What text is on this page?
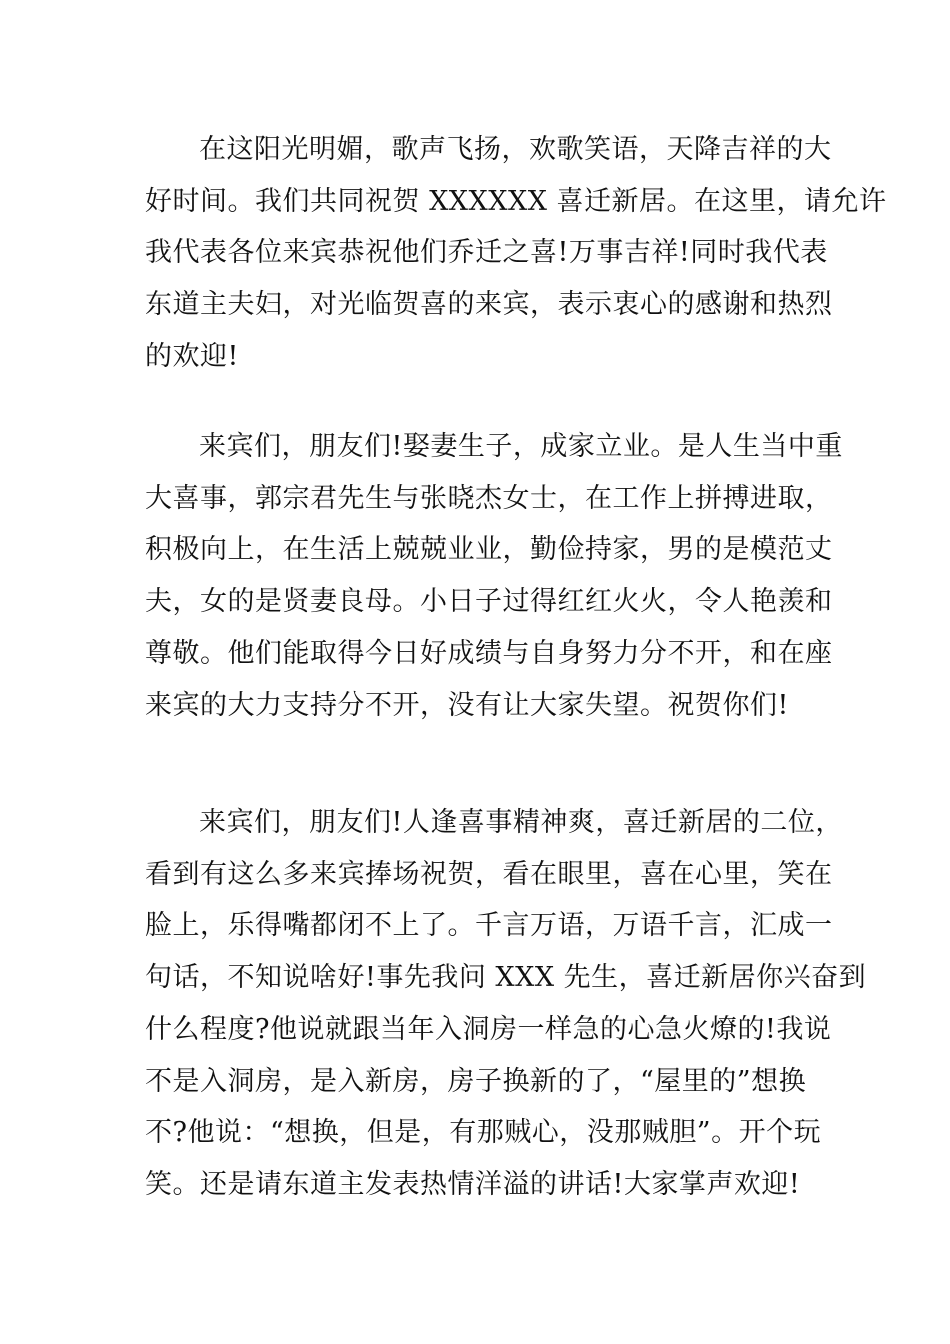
在这阳光明媚，歌声飞扬，欢歌笑语，天降吉祥的大
好时间。我们共同祝贺 XXXXXX 喜迁新居。在这里，请允许
我代表各位来宾恭祝他们乔迁之喜!万事吉祥!同时我代表
东道主夫妇，对光临贺喜的来宾，表示衷心的感谢和热烈
的欢迎!

来宾们，朋友们!娶妻生子，成家立业。是人生当中重
大喜事，郭宗君先生与张晓杰女士，在工作上拼搏进取，
积极向上，在生活上兢兢业业，勤俭持家，男的是模范丈
夫，女的是贤妻良母。小日子过得红红火火，令人艳羡和
尊敬。他们能取得今日好成绩与自身努力分不开，和在座
来宾的大力支持分不开，没有让大家失望。祝贺你们!

来宾们，朋友们!人逢喜事精神爽，喜迁新居的二位，
看到有这么多来宾捧场祝贺，看在眼里，喜在心里，笑在
脸上，乐得嘴都闭不上了。千言万语，万语千言，汇成一
句话，不知说啥好!事先我问 XXX 先生，喜迁新居你兴奋到
什么程度?他说就跟当年入洞房一样急的心急火燎的!我说
不是入洞房，是入新房，房子换新的了，“屋里的”想换
不?他说：“想换，但是，有那贼心，没那贼胆”。开个玩
笑。还是请东道主发表热情洋溢的讲话!大家掌声欢迎!
